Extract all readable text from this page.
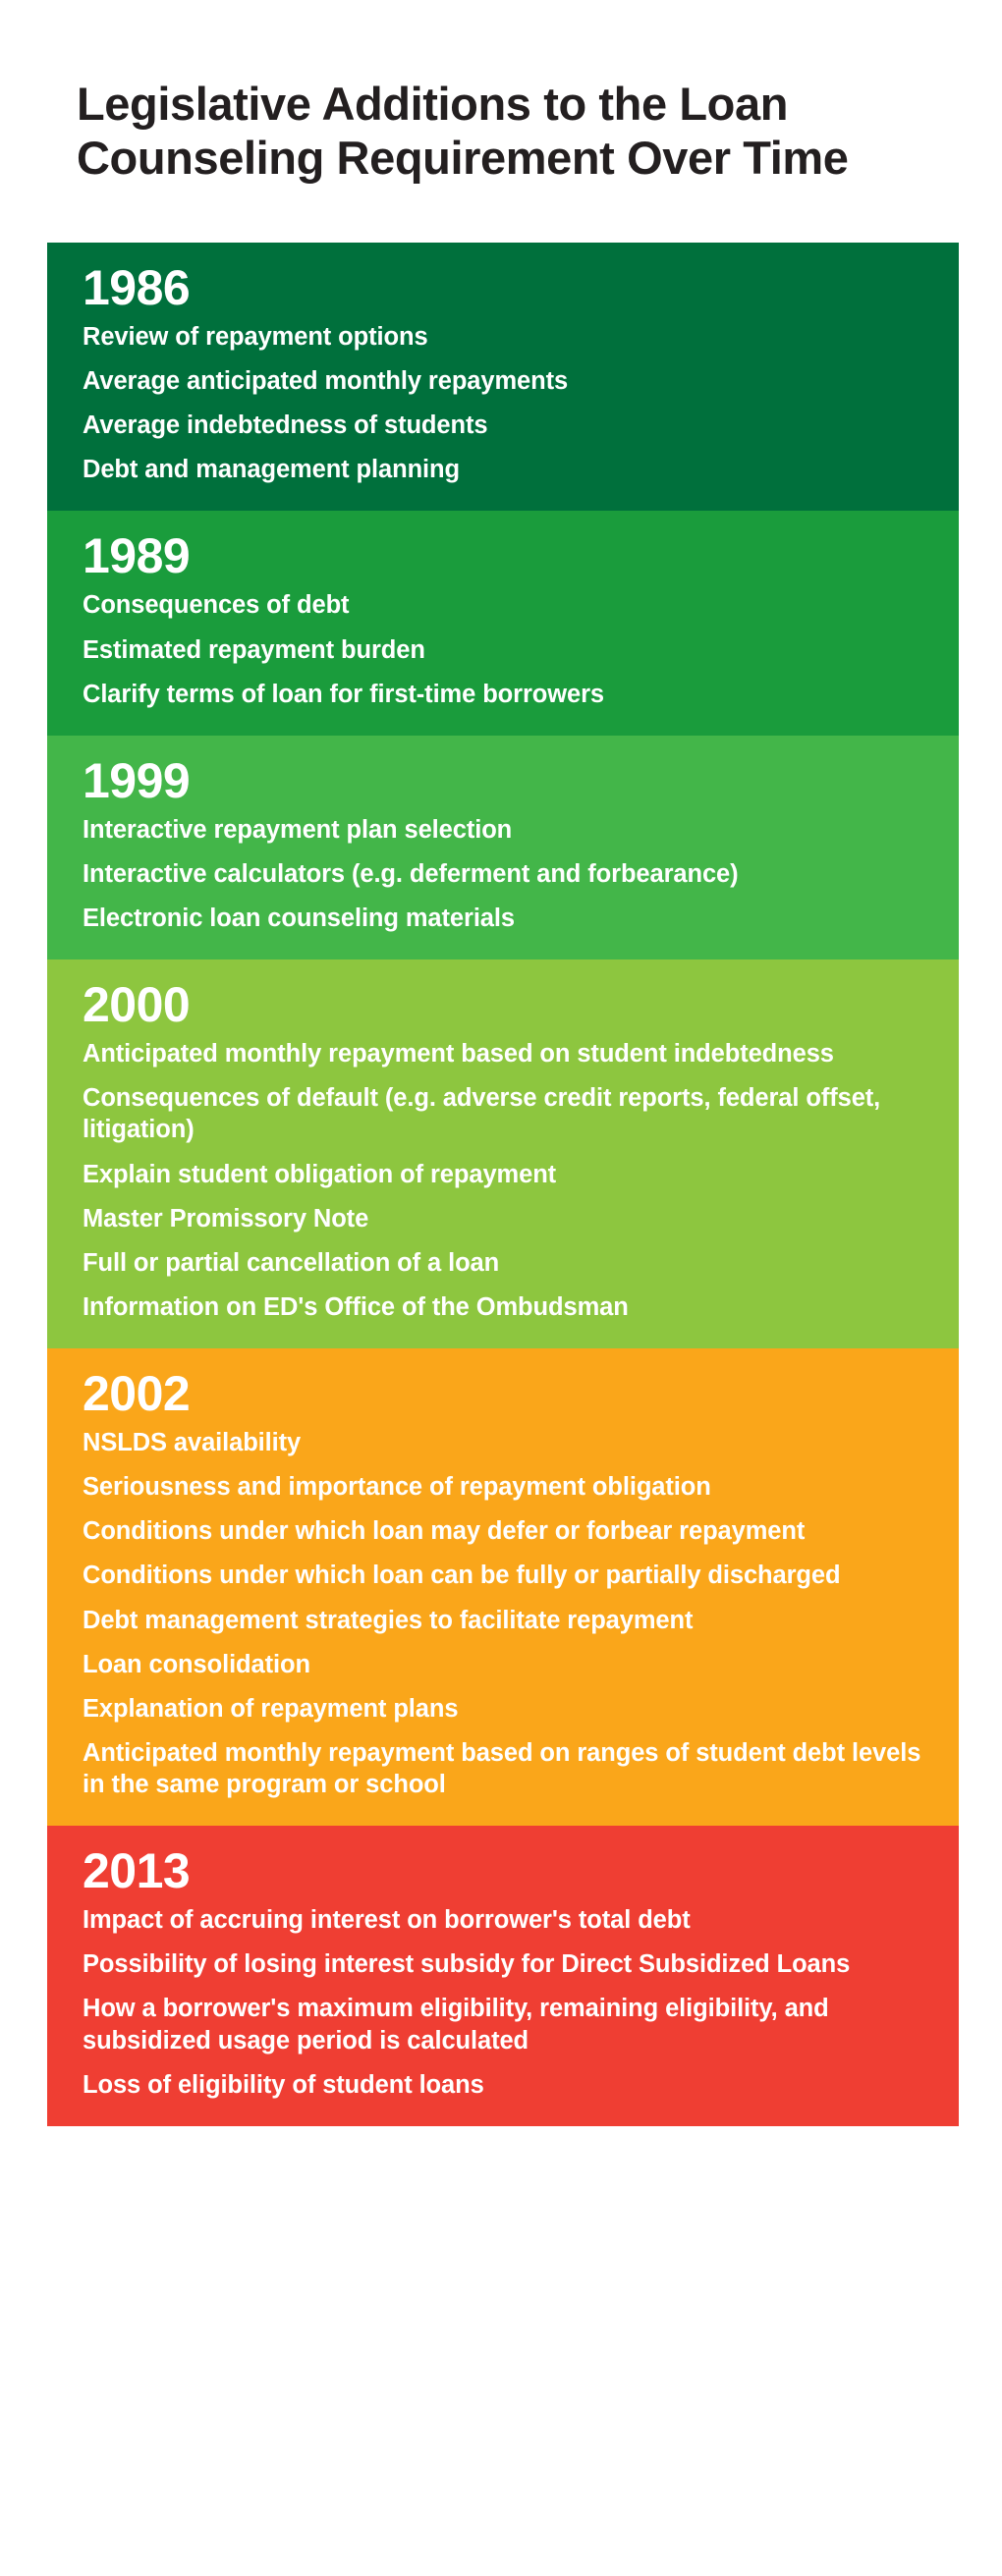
Legislative Additions to the Loan Counseling Requirement Over Time
1986
Review of repayment options
Average anticipated monthly repayments
Average indebtedness of students
Debt and management planning
1989
Consequences of debt
Estimated repayment burden
Clarify terms of loan for first-time borrowers
1999
Interactive repayment plan selection
Interactive calculators (e.g. deferment and forbearance)
Electronic loan counseling materials
2000
Anticipated monthly repayment based on student indebtedness
Consequences of default (e.g. adverse credit reports, federal offset, litigation)
Explain student obligation of repayment
Master Promissory Note
Full or partial cancellation of a loan
Information on ED's Office of the Ombudsman
2002
NSLDS availability
Seriousness and importance of repayment obligation
Conditions under which loan may defer or forbear repayment
Conditions under which loan can be fully or partially discharged
Debt management strategies to facilitate repayment
Loan consolidation
Explanation of repayment plans
Anticipated monthly repayment based on ranges of student debt levels in the same program or school
2013
Impact of accruing interest on borrower's total debt
Possibility of losing interest subsidy for Direct Subsidized Loans
How a borrower's maximum eligibility, remaining eligibility, and subsidized usage period is calculated
Loss of eligibility of student loans
